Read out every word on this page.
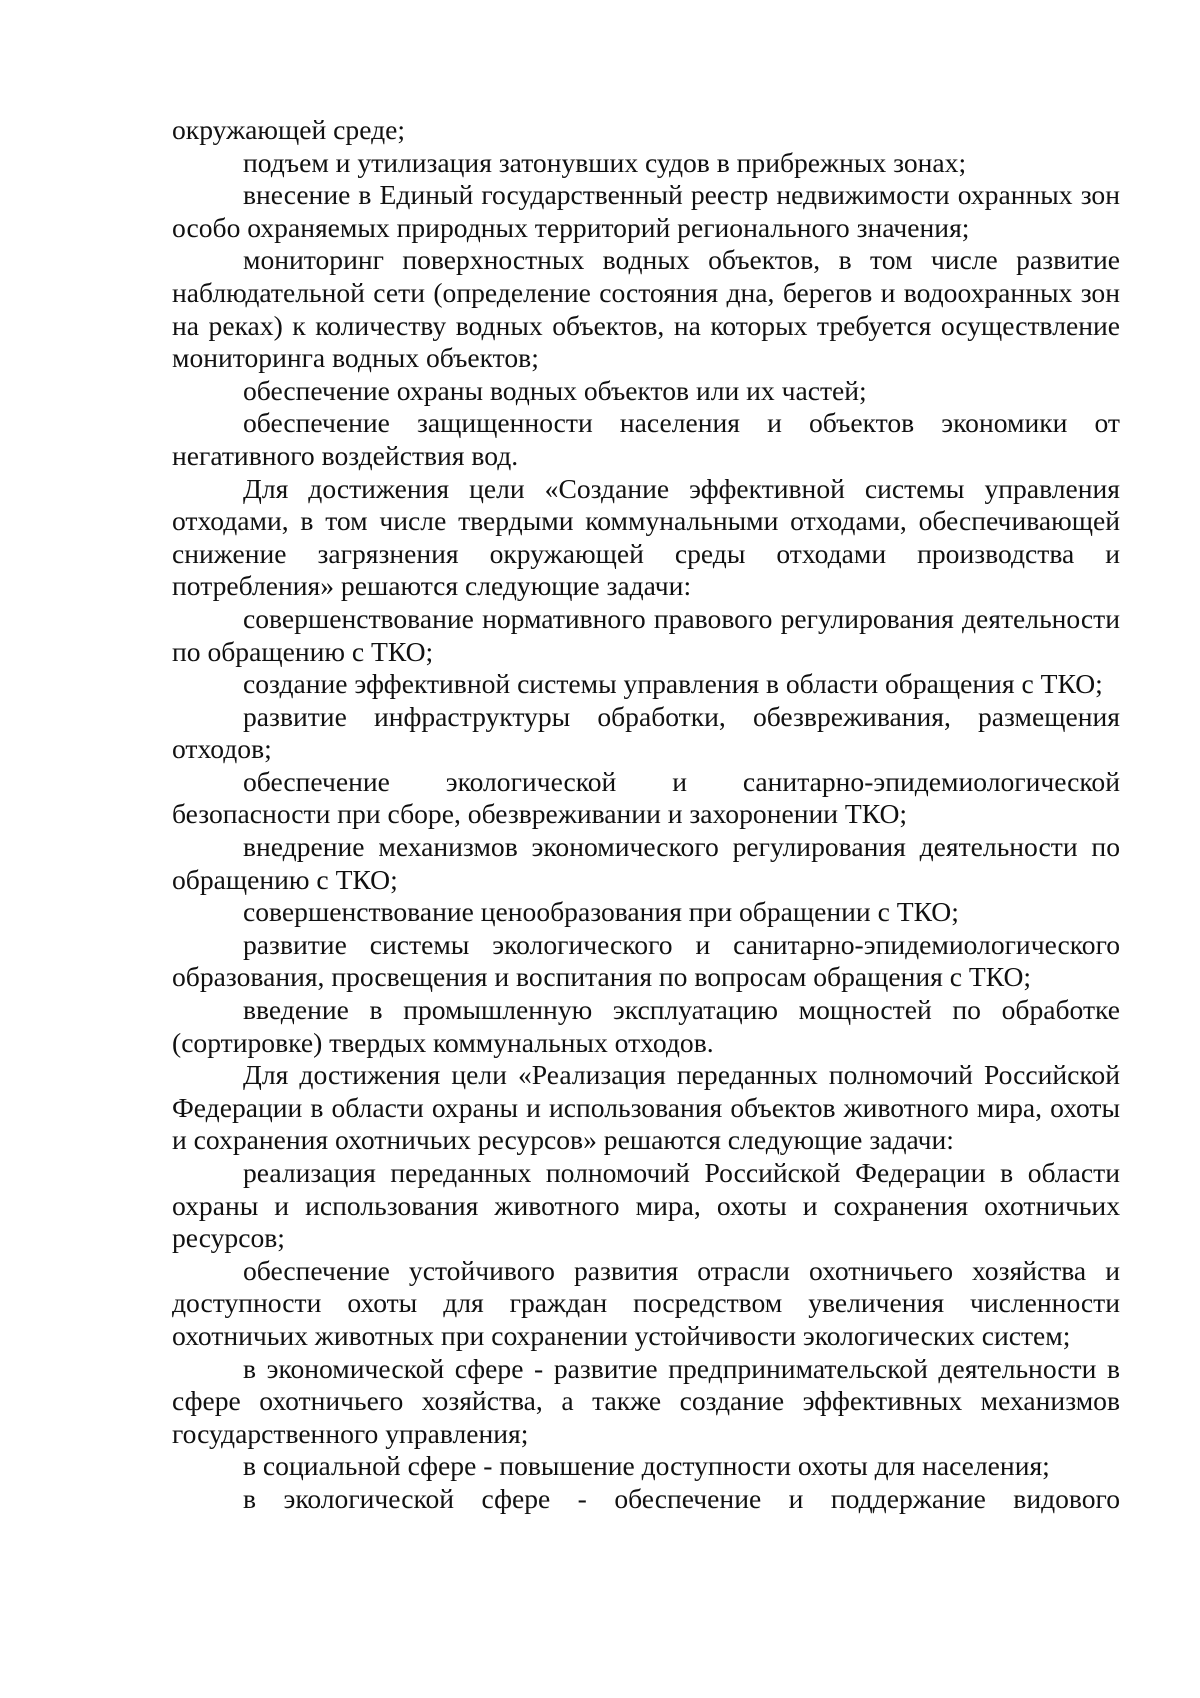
окружающей среде;

подъем и утилизация затонувших судов в прибрежных зонах;

внесение в Единый государственный реестр недвижимости охранных зон особо охраняемых природных территорий регионального значения;

мониторинг поверхностных водных объектов, в том числе развитие наблюдательной сети (определение состояния дна, берегов и водоохранных зон на реках) к количеству водных объектов, на которых требуется осуществление мониторинга водных объектов;

обеспечение охраны водных объектов или их частей;

обеспечение защищенности населения и объектов экономики от негативного воздействия вод.

Для достижения цели «Создание эффективной системы управления отходами, в том числе твердыми коммунальными отходами, обеспечивающей снижение загрязнения окружающей среды отходами производства и потребления» решаются следующие задачи:

совершенствование нормативного правового регулирования деятельности по обращению с ТКО;

создание эффективной системы управления в области обращения с ТКО;

развитие инфраструктуры обработки, обезвреживания, размещения отходов;

обеспечение экологической и санитарно-эпидемиологической безопасности при сборе, обезвреживании и захоронении ТКО;

внедрение механизмов экономического регулирования деятельности по обращению с ТКО;

совершенствование ценообразования при обращении с ТКО;

развитие системы экологического и санитарно-эпидемиологического образования, просвещения и воспитания по вопросам обращения с ТКО;

введение в промышленную эксплуатацию мощностей по обработке (сортировке) твердых коммунальных отходов.

Для достижения цели «Реализация переданных полномочий Российской Федерации в области охраны и использования объектов животного мира, охоты и сохранения охотничьих ресурсов» решаются следующие задачи:

реализация переданных полномочий Российской Федерации в области охраны и использования животного мира, охоты и сохранения охотничьих ресурсов;

обеспечение устойчивого развития отрасли охотничьего хозяйства и доступности охоты для граждан посредством увеличения численности охотничьих животных при сохранении устойчивости экологических систем;

в экономической сфере - развитие предпринимательской деятельности в сфере охотничьего хозяйства, а также создание эффективных механизмов государственного управления;

в социальной сфере - повышение доступности охоты для населения;

в экологической сфере - обеспечение и поддержание видового
